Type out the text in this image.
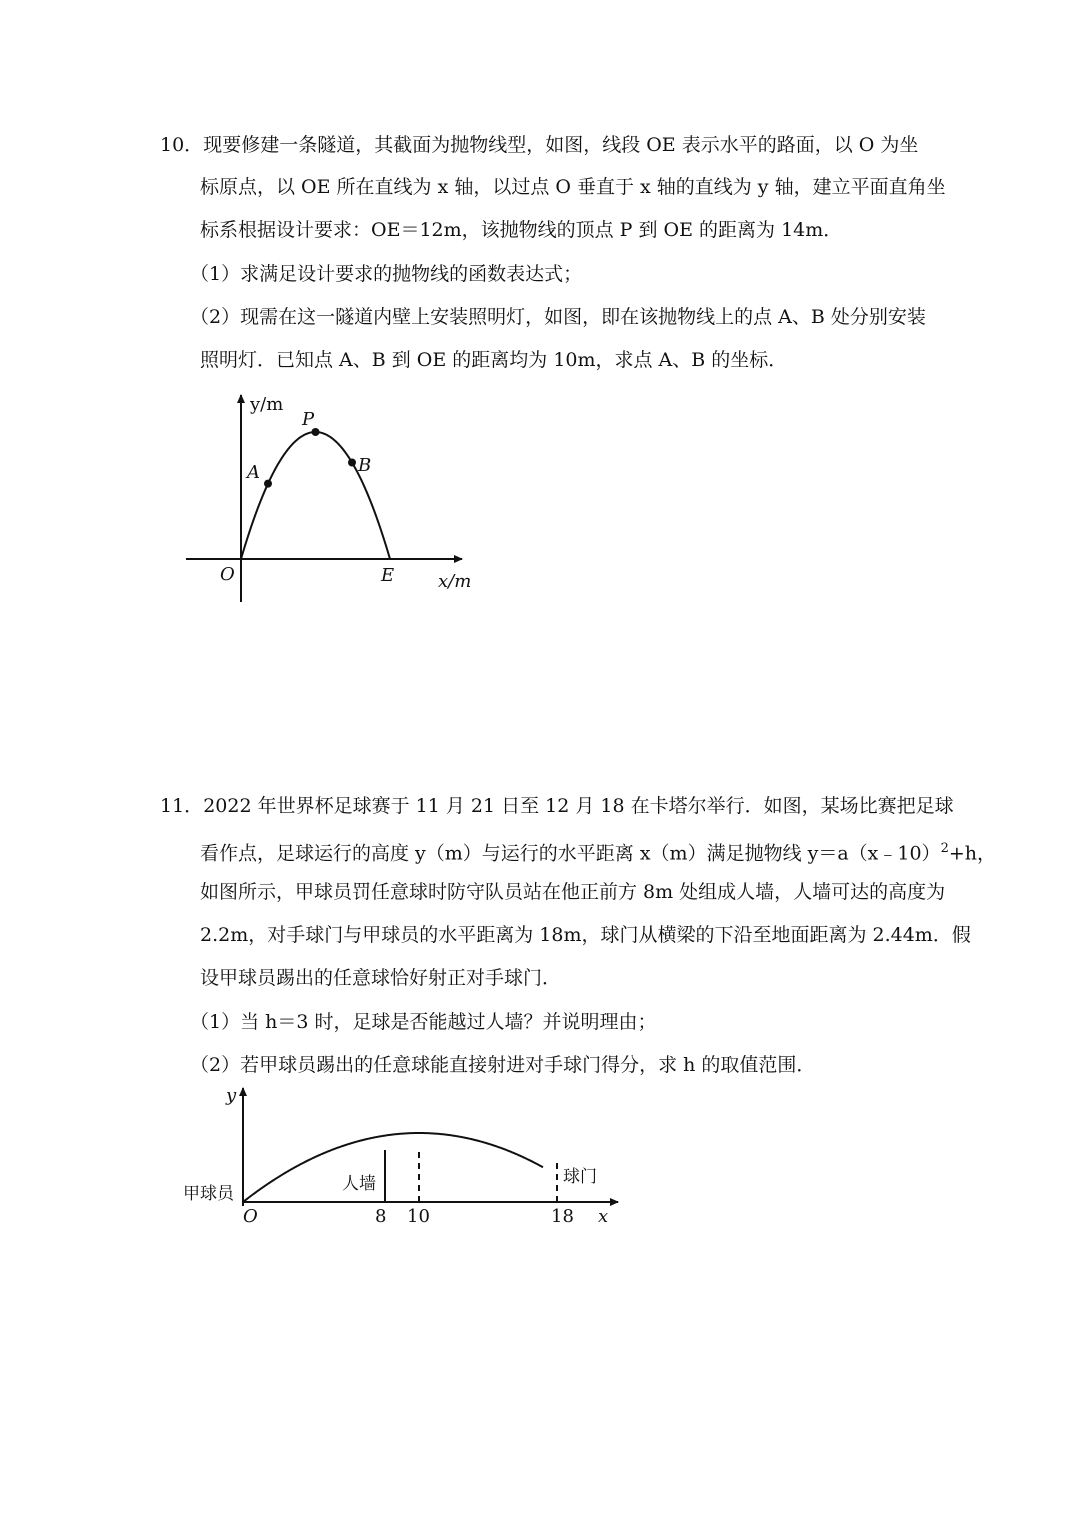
10．现要修建一条隧道，其截面为抛物线型，如图，线段 OE 表示水平的路面，以 O 为坐
标原点，以 OE 所在直线为 x 轴，以过点 O 垂直于 x 轴的直线为 y 轴，建立平面直角坐
标系根据设计要求：OE＝12m，该抛物线的顶点 P 到 OE 的距离为 14m．
（1）求满足设计要求的抛物线的函数表达式；
（2）现需在这一隧道内壁上安装照明灯，如图，即在该抛物线上的点 A、B 处分别安装
照明灯．已知点 A、B 到 OE 的距离均为 10m，求点 A、B 的坐标．
y/m
x/m
O	E
P
A	B
11．2022 年世界杯足球赛于 11 月 21 日至 12 月 18 在卡塔尔举行．如图，某场比赛把足球
看作点，足球运行的高度 y（m）与运行的水平距离 x（m）满足抛物线 y＝a（x﹣10）$^2$+h，
如图所示，甲球员罚任意球时防守队员站在他正前方 8m 处组成人墙，人墙可达的高度为
2.2m，对手球门与甲球员的水平距离为 18m，球门从横梁的下沿至地面距离为 2.44m．假
设甲球员踢出的任意球恰好射正对手球门．
（1）当 h＝3 时，足球是否能越过人墙？并说明理由；
（2）若甲球员踢出的任意球能直接射进对手球门得分，求 h 的取值范围．
y
x
O
甲球员	人墙	球门
8 10	18
